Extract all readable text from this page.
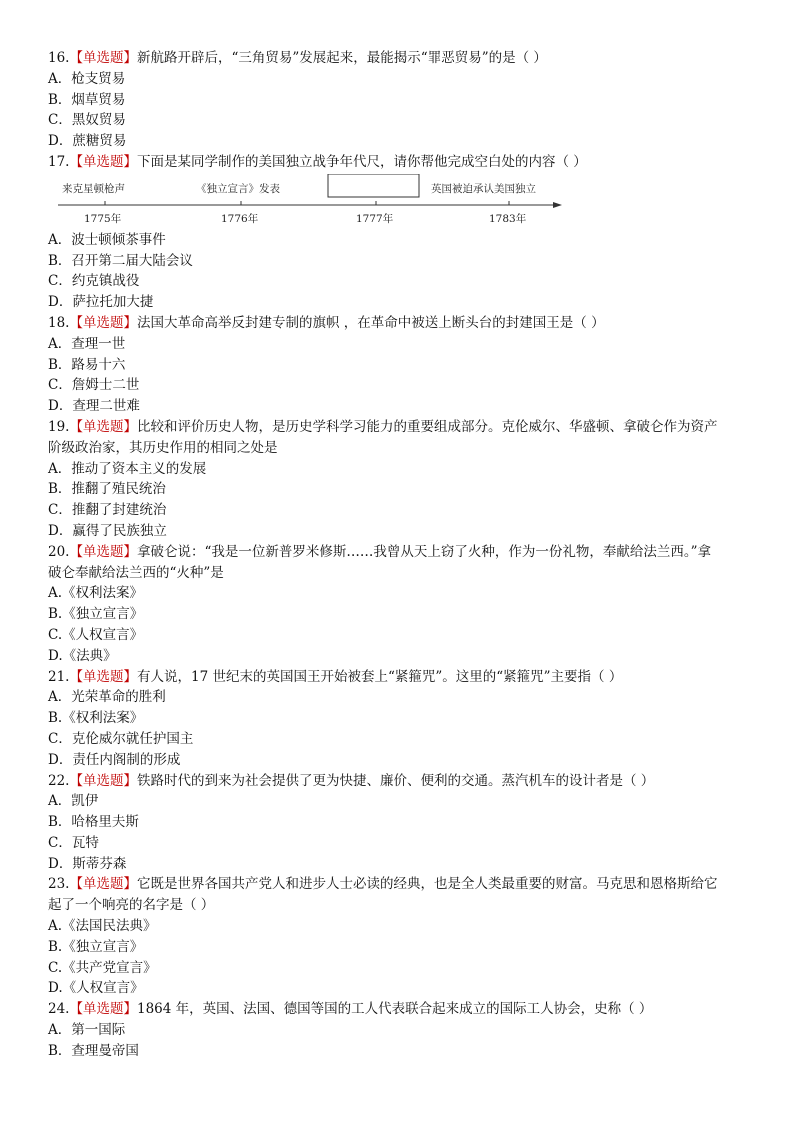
16.【单选题】新航路开辟后，“三角贸易”发展起来，最能揭示“罪恶贸易”的是（ ）
A．枪支贸易
B．烟草贸易
C．黑奴贸易
D．蔗糖贸易
17.【单选题】下面是某同学制作的美国独立战争年代尺，请你帮他完成空白处的内容（ ）
来克星顿枪声	《独立宣言》发表	英国被迫承认美国独立
1775年	1776年	1777年	1783年
A．波士顿倾茶事件
B．召开第二届大陆会议
C．约克镇战役
D．萨拉托加大捷
18.【单选题】法国大革命高举反封建专制的旗帜 ，在革命中被送上断头台的封建国王是（ ）
A．查理一世
B．路易十六
C．詹姆士二世
D．查理二世难
19.【单选题】比较和评价历史人物，是历史学科学习能力的重要组成部分。克伦威尔、华盛顿、拿破仑作为资产
阶级政治家，其历史作用的相同之处是
A．推动了资本主义的发展
B．推翻了殖民统治
C．推翻了封建统治
D．赢得了民族独立
20.【单选题】拿破仑说：“我是一位新普罗米修斯……我曾从天上窃了火种，作为一份礼物，奉献给法兰西。”拿
破仑奉献给法兰西的“火种”是
A.《权利法案》
B.《独立宣言》
C.《人权宣言》
D.《法典》
21.【单选题】有人说，17 世纪末的英国国王开始被套上“紧箍咒”。这里的“紧箍咒”主要指（ ）
A．光荣革命的胜利
B.《权利法案》
C．克伦威尔就任护国主
D．责任内阁制的形成
22.【单选题】铁路时代的到来为社会提供了更为快捷、廉价、便利的交通。蒸汽机车的设计者是（ ）
A．凯伊
B．哈格里夫斯
C．瓦特
D．斯蒂芬森
23.【单选题】它既是世界各国共产党人和进步人士必读的经典，也是全人类最重要的财富。马克思和恩格斯给它
起了一个响亮的名字是（ ）
A.《法国民法典》
B.《独立宣言》
C.《共产党宣言》
D.《人权宣言》
24.【单选题】1864 年，英国、法国、德国等国的工人代表联合起来成立的国际工人协会，史称（ ）
A．第一国际
B．查理曼帝国
